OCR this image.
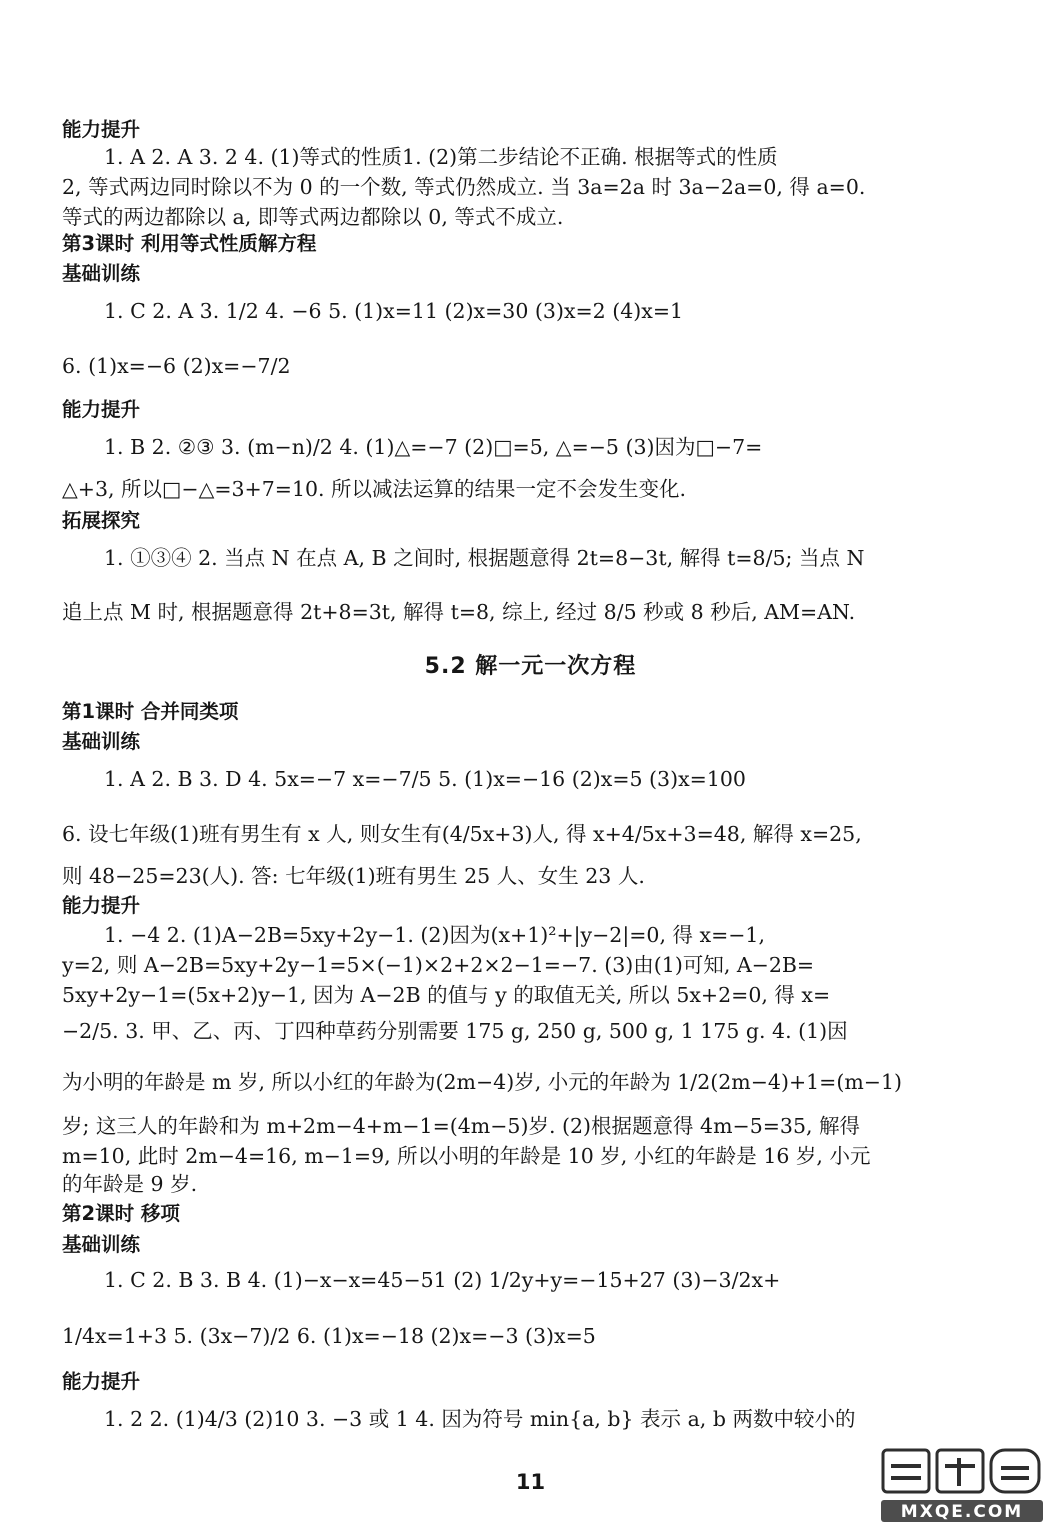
能力提升
1. A 2. A 3. 2 4. (1)等式的性质1. (2)第二步结论不正确. 根据等式的性质
2, 等式两边同时除以不为 0 的一个数, 等式仍然成立. 当 3a=2a 时 3a−2a=0, 得 a=0.
等式的两边都除以 a, 即等式两边都除以 0, 等式不成立.
第3课时 利用等式性质解方程
基础训练
1. C 2. A 3. 1/2 4. −6 5. (1)x=11 (2)x=30 (3)x=2 (4)x=1
6. (1)x=−6 (2)x=−7/2
能力提升
1. B 2. ②③ 3. (m−n)/2 4. (1)△=−7 (2)□=5, △=−5 (3)因为□−7=
△+3, 所以□−△=3+7=10. 所以减法运算的结果一定不会发生变化.
拓展探究
1. ①③④ 2. 当点 N 在点 A, B 之间时, 根据题意得 2t=8−3t, 解得 t=8/5; 当点 N
追上点 M 时, 根据题意得 2t+8=3t, 解得 t=8, 综上, 经过 8/5 秒或 8 秒后, AM=AN.
5.2 解一元一次方程
第1课时 合并同类项
基础训练
1. A 2. B 3. D 4. 5x=−7 x=−7/5 5. (1)x=−16 (2)x=5 (3)x=100
6. 设七年级(1)班有男生有 x 人, 则女生有(4/5x+3)人, 得 x+4/5x+3=48, 解得 x=25,
则 48−25=23(人). 答: 七年级(1)班有男生 25 人、女生 23 人.
能力提升
1. −4 2. (1)A−2B=5xy+2y−1. (2)因为(x+1)²+|y−2|=0, 得 x=−1,
y=2, 则 A−2B=5xy+2y−1=5×(−1)×2+2×2−1=−7. (3)由(1)可知, A−2B=
5xy+2y−1=(5x+2)y−1, 因为 A−2B 的值与 y 的取值无关, 所以 5x+2=0, 得 x=
−2/5. 3. 甲、乙、丙、丁四种草药分别需要 175 g, 250 g, 500 g, 1 175 g. 4. (1)因
为小明的年龄是 m 岁, 所以小红的年龄为(2m−4)岁, 小元的年龄为 1/2(2m−4)+1=(m−1)
岁; 这三人的年龄和为 m+2m−4+m−1=(4m−5)岁. (2)根据题意得 4m−5=35, 解得
m=10, 此时 2m−4=16, m−1=9, 所以小明的年龄是 10 岁, 小红的年龄是 16 岁, 小元
的年龄是 9 岁.
第2课时 移项
基础训练
1. C 2. B 3. B 4. (1)−x−x=45−51 (2) 1/2y+y=−15+27 (3)−3/2x+
1/4x=1+3 5. (3x−7)/2 6. (1)x=−18 (2)x=−3 (3)x=5
能力提升
1. 2 2. (1)4/3 (2)10 3. −3 或 1 4. 因为符号 min{a, b} 表示 a, b 两数中较小的
11
MXQE.COM
